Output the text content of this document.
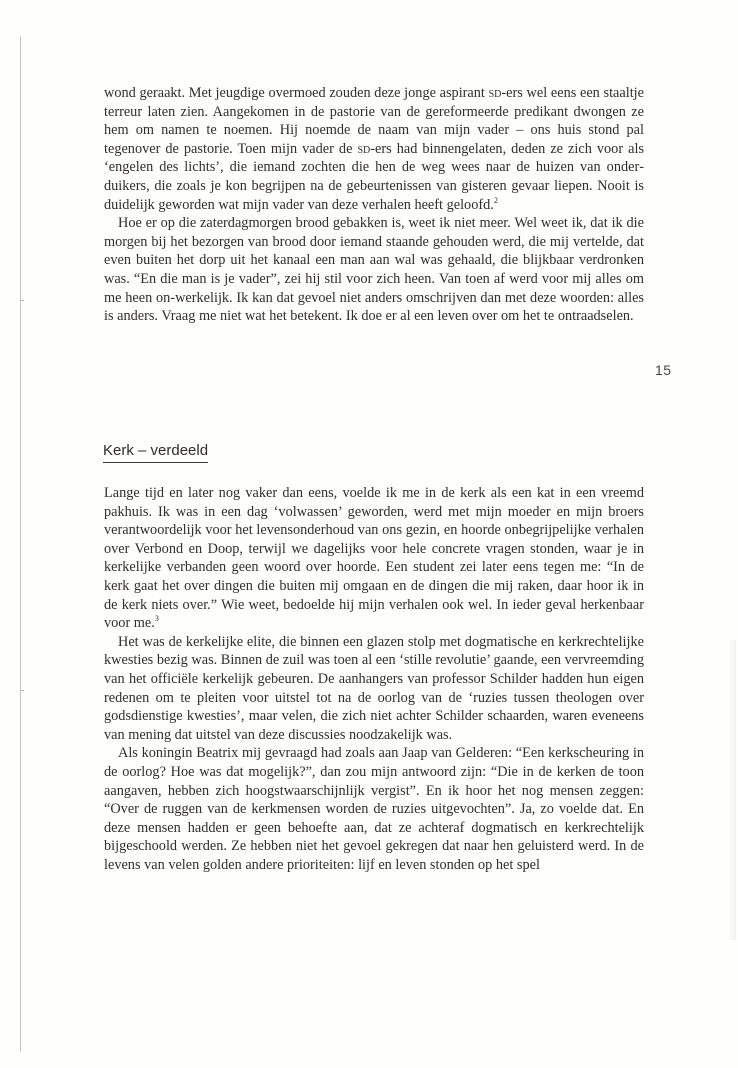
wond geraakt. Met jeugdige overmoed zouden deze jonge aspirant sd-ers wel eens een staaltje terreur laten zien. Aangekomen in de pastorie van de gereformeerde predikant dwongen ze hem om namen te noemen. Hij noemde de naam van mijn vader – ons huis stond pal tegenover de pastorie. Toen mijn vader de sd-ers had binnengelaten, deden ze zich voor als ‘engelen des lichts’, die iemand zochten die hen de weg wees naar de huizen van onderduikers, die zoals je kon begrijpen na de gebeurtenissen van gisteren gevaar liepen. Nooit is duidelijk geworden wat mijn vader van deze verhalen heeft geloofd.$^2$

Hoe er op die zaterdagmorgen brood gebakken is, weet ik niet meer. Wel weet ik, dat ik die morgen bij het bezorgen van brood door iemand staande gehouden werd, die mij vertelde, dat even buiten het dorp uit het kanaal een man aan wal was gehaald, die blijkbaar verdronken was. “En die man is je vader”, zei hij stil voor zich heen. Van toen af werd voor mij alles om me heen on-werkelijk. Ik kan dat gevoel niet anders omschrijven dan met deze woorden: alles is anders. Vraag me niet wat het betekent. Ik doe er al een leven over om het te ontraadselen.

15
Kerk – verdeeld

Lange tijd en later nog vaker dan eens, voelde ik me in de kerk als een kat in een vreemd pakhuis. Ik was in een dag ‘volwassen’ geworden, werd met mijn moeder en mijn broers verantwoordelijk voor het levensonderhoud van ons gezin, en hoorde onbegrijpelijke verhalen over Verbond en Doop, terwijl we dagelijks voor hele concrete vragen stonden, waar je in kerkelijke verbanden geen woord over hoorde. Een student zei later eens tegen me: “In de kerk gaat het over dingen die buiten mij omgaan en de dingen die mij raken, daar hoor ik in de kerk niets over.” Wie weet, bedoelde hij mijn verhalen ook wel. In ieder geval herkenbaar voor me.$^3$

Het was de kerkelijke elite, die binnen een glazen stolp met dogmatische en kerkrechtelijke kwesties bezig was. Binnen de zuil was toen al een ‘stille revolutie’ gaande, een vervreemding van het officiële kerkelijk gebeuren. De aanhangers van professor Schilder hadden hun eigen redenen om te pleiten voor uitstel tot na de oorlog van de ‘ruzies tussen theologen over godsdienstige kwesties’, maar velen, die zich niet achter Schilder schaarden, waren eveneens van mening dat uitstel van deze discussies noodzakelijk was.

Als koningin Beatrix mij gevraagd had zoals aan Jaap van Gelderen: “Een kerkscheuring in de oorlog? Hoe was dat mogelijk?”, dan zou mijn antwoord zijn: “Die in de kerken de toon aangaven, hebben zich hoogstwaarschijnlijk vergist”. En ik hoor het nog mensen zeggen: “Over de ruggen van de kerkmensen worden de ruzies uitgevochten”. Ja, zo voelde dat. En deze mensen hadden er geen behoefte aan, dat ze achteraf dogmatisch en kerkrechtelijk bijgeschoold werden. Ze hebben niet het gevoel gekregen dat naar hen geluisterd werd. In de levens van velen golden andere prioriteiten: lijf en leven stonden op het spel
